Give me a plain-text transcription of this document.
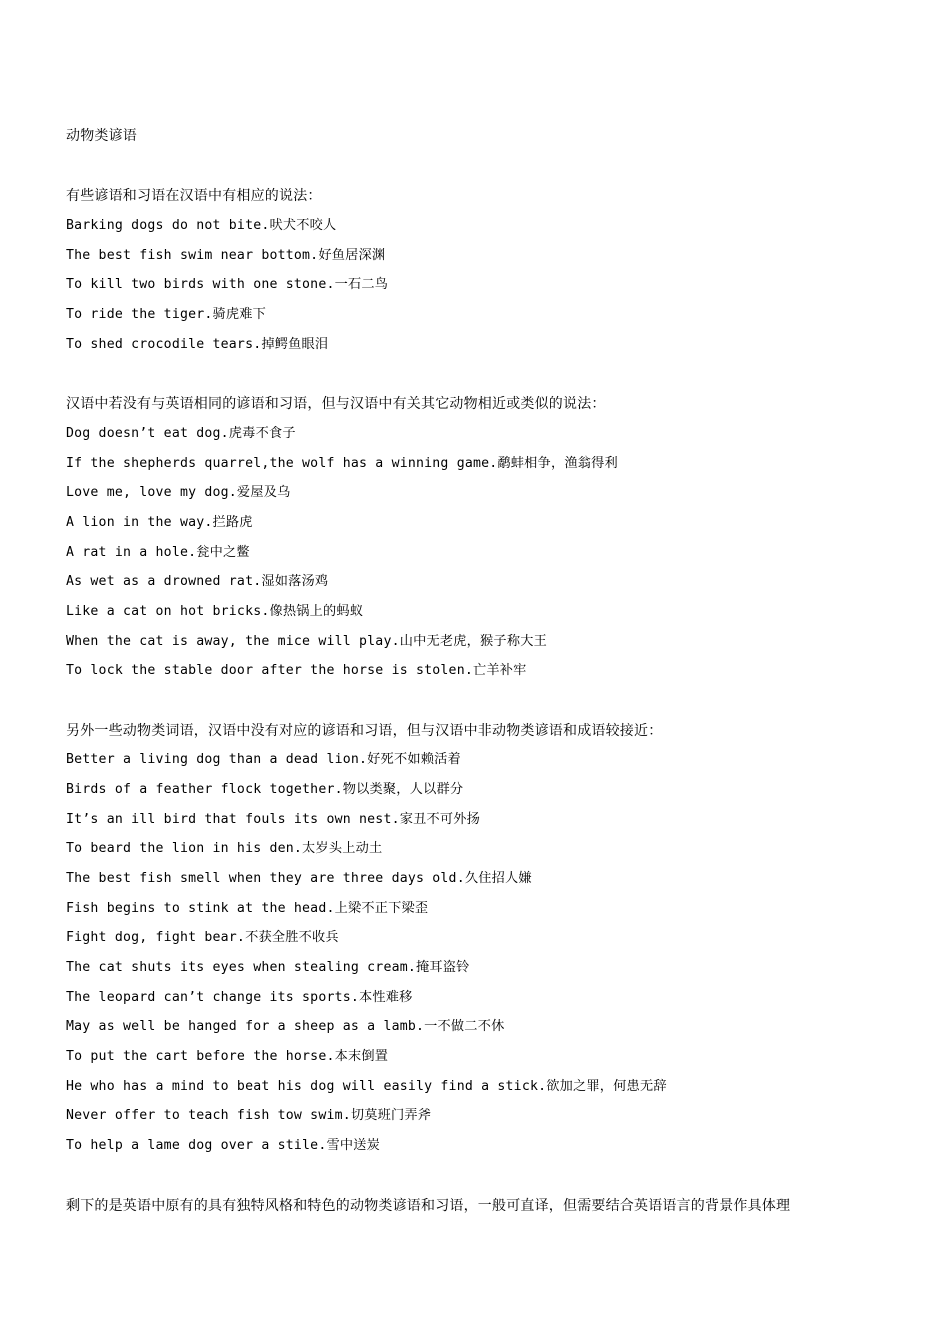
动物类谚语
有些谚语和习语在汉语中有相应的说法：
Barking dogs do not bite.吠犬不咬人
The best fish swim near bottom.好鱼居深渊
To kill two birds with one stone.一石二鸟
To ride the tiger.骑虎难下
To shed crocodile tears.掉鳄鱼眼泪
汉语中若没有与英语相同的谚语和习语，但与汉语中有关其它动物相近或类似的说法：
Dog doesn’t eat dog.虎毒不食子
If the shepherds quarrel,the wolf has a winning game.鹬蚌相争，渔翁得利
Love me, love my dog.爱屋及乌
A lion in the way.拦路虎
A rat in a hole.瓮中之鳖
As wet as a drowned rat.湿如落汤鸡
Like a cat on hot bricks.像热锅上的蚂蚁
When the cat is away, the mice will play.山中无老虎，猴子称大王
To lock the stable door after the horse is stolen.亡羊补牢
另外一些动物类词语，汉语中没有对应的谚语和习语，但与汉语中非动物类谚语和成语较接近：
Better a living dog than a dead lion.好死不如赖活着
Birds of a feather flock together.物以类聚，人以群分
It’s an ill bird that fouls its own nest.家丑不可外扬
To beard the lion in his den.太岁头上动土
The best fish smell when they are three days old.久住招人嫌
Fish begins to stink at the head.上梁不正下梁歪
Fight dog, fight bear.不获全胜不收兵
The cat shuts its eyes when stealing cream.掩耳盗铃
The leopard can’t change its sports.本性难移
May as well be hanged for a sheep as a lamb.一不做二不休
To put the cart before the horse.本末倒置
He who has a mind to beat his dog will easily find a stick.欲加之罪，何患无辞
Never offer to teach fish tow swim.切莫班门弄斧
To help a lame dog over a stile.雪中送炭
剩下的是英语中原有的具有独特风格和特色的动物类谚语和习语，一般可直译，但需要结合英语语言的背景作具体理
